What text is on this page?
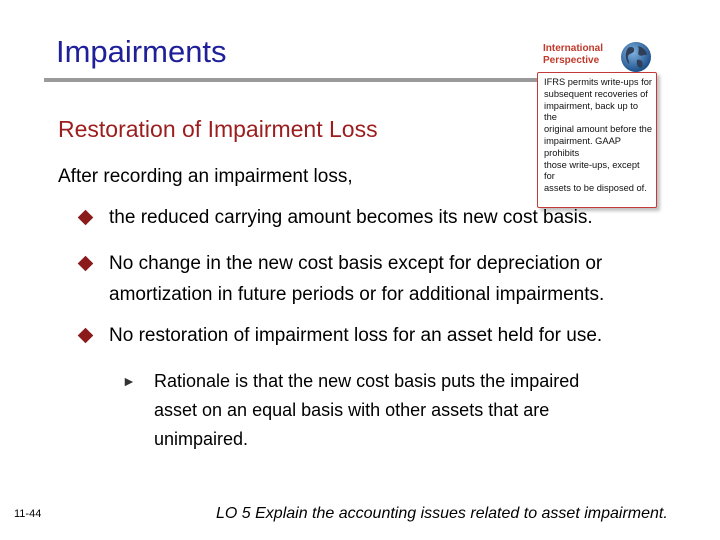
Impairments	International
Perspective
IFRS permits write-ups for
subsequent recoveries of
impairment, back up to the
original amount before the
impairment. GAAP prohibits
those write-ups, except for
assets to be disposed of.
Restoration of Impairment Loss
After recording an impairment loss,
the reduced carrying amount becomes its new cost basis.
No change in the new cost basis except for depreciation or
amortization in future periods or for additional impairments.
No restoration of impairment loss for an asset held for use.
► Rationale is that the new cost basis puts the impaired
asset on an equal basis with other assets that are
unimpaired.
11-44	LO 5 Explain the accounting issues related to asset impairment.
